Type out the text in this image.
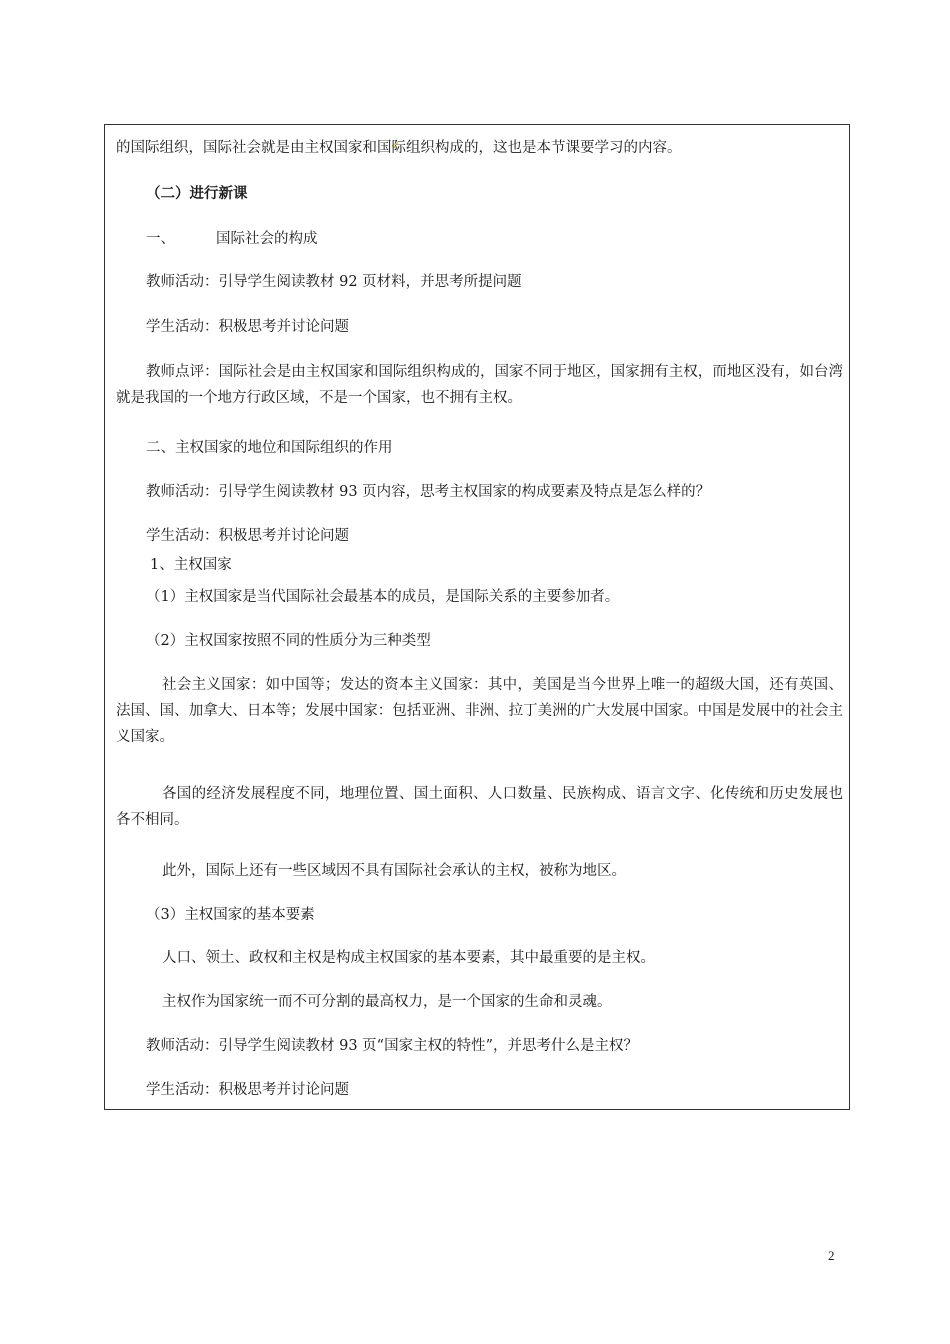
的国际组织，国际社会就是由主权国家和国际组织构成的，这也是本节课要学习的内容。
（二）进行新课
一、	国际社会的构成
教师活动：引导学生阅读教材 92 页材料，并思考所提问题
学生活动：积极思考并讨论问题
教师点评：国际社会是由主权国家和国际组织构成的，国家不同于地区，国家拥有主权，而地区没有，如台湾就是我国的一个地方行政区域，不是一个国家，也不拥有主权。
二、主权国家的地位和国际组织的作用
教师活动：引导学生阅读教材 93 页内容，思考主权国家的构成要素及特点是怎么样的？
学生活动：积极思考并讨论问题
1、主权国家
（1）主权国家是当代国际社会最基本的成员，是国际关系的主要参加者。
（2）主权国家按照不同的性质分为三种类型
社会主义国家：如中国等；发达的资本主义国家：其中，美国是当今世界上唯一的超级大国，还有英国、法国、国、加拿大、日本等；发展中国家：包括亚洲、非洲、拉丁美洲的广大发展中国家。中国是发展中的社会主义国家。
各国的经济发展程度不同，地理位置、国土面积、人口数量、民族构成、语言文字、化传统和历史发展也各不相同。
此外，国际上还有一些区域因不具有国际社会承认的主权，被称为地区。
（3）主权国家的基本要素
人口、领土、政权和主权是构成主权国家的基本要素，其中最重要的是主权。
主权作为国家统一而不可分割的最高权力，是一个国家的生命和灵魂。
教师活动：引导学生阅读教材 93 页“国家主权的特性”，并思考什么是主权？
学生活动：积极思考并讨论问题
2
